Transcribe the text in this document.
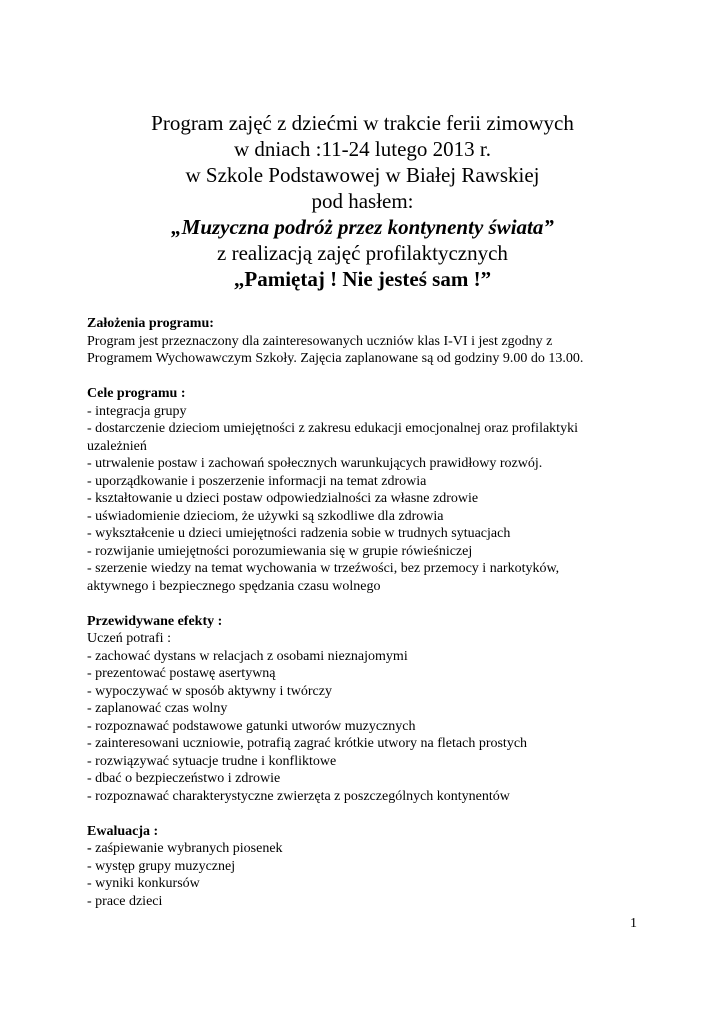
Program zajęć z dziećmi w trakcie ferii zimowych
w dniach :11-24 lutego 2013 r.
w Szkole Podstawowej w Białej Rawskiej
pod hasłem:
„Muzyczna podróż przez kontynenty świata”
z realizacją zajęć profilaktycznych
„Pamiętaj ! Nie jesteś sam !”
Założenia programu:
Program jest przeznaczony dla zainteresowanych uczniów klas I-VI i jest zgodny z
Programem Wychowawczym Szkoły. Zajęcia zaplanowane są od godziny 9.00 do 13.00.
Cele programu :
- integracja grupy
- dostarczenie dzieciom umiejętności z zakresu edukacji emocjonalnej oraz profilaktyki
uzależnień
- utrwalenie postaw i zachowań społecznych warunkujących prawidłowy rozwój.
- uporządkowanie i poszerzenie informacji na temat zdrowia
- kształtowanie u dzieci postaw odpowiedzialności za własne zdrowie
- uświadomienie dzieciom, że używki są szkodliwe dla zdrowia
- wykształcenie u dzieci umiejętności radzenia sobie w trudnych sytuacjach
- rozwijanie umiejętności porozumiewania się w grupie rówieśniczej
- szerzenie wiedzy na temat wychowania w trzeźwości, bez przemocy i narkotyków,
aktywnego i bezpiecznego spędzania czasu wolnego
Przewidywane efekty :
Uczeń potrafi :
- zachować dystans w relacjach z osobami nieznajomymi
- prezentować postawę asertywną
- wypoczywać w sposób aktywny i twórczy
- zaplanować czas wolny
- rozpoznawać podstawowe gatunki utworów muzycznych
- zainteresowani uczniowie, potrafią zagrać krótkie utwory na fletach prostych
- rozwiązywać sytuacje trudne i konfliktowe
- dbać o bezpieczeństwo i zdrowie
- rozpoznawać charakterystyczne zwierzęta z poszczególnych kontynentów
Ewaluacja :
- zaśpiewanie wybranych piosenek
- występ grupy muzycznej
- wyniki konkursów
- prace dzieci
1
